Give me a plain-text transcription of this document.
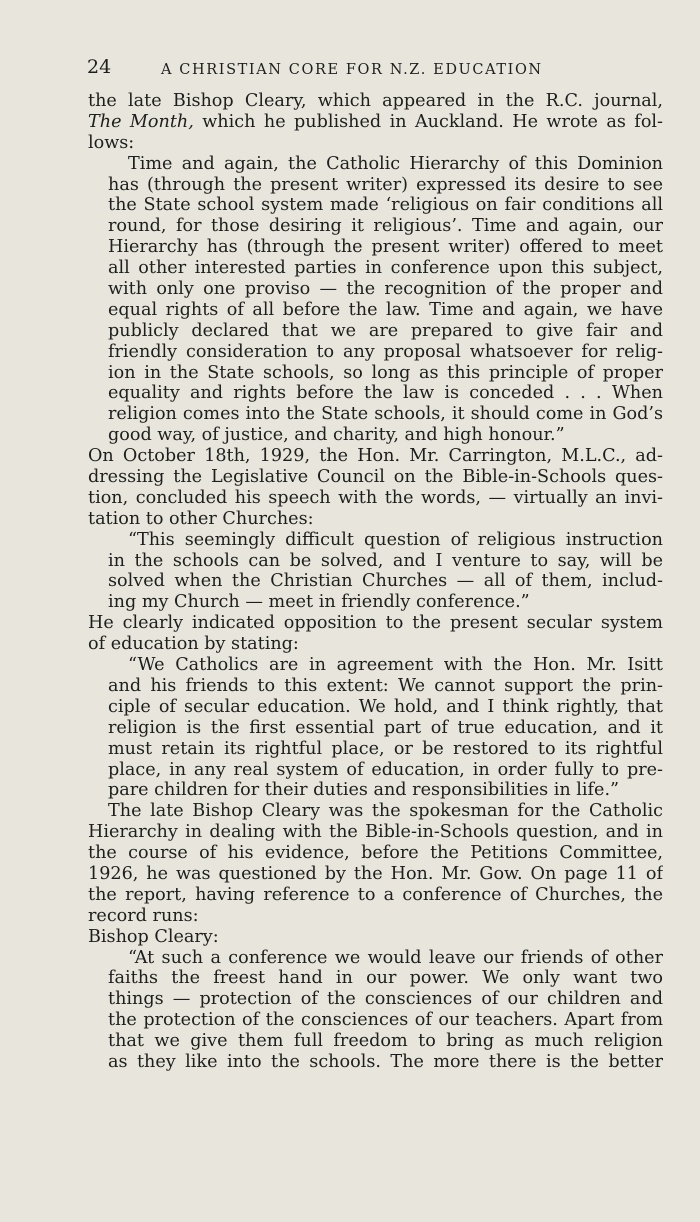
24	A CHRISTIAN CORE FOR N.Z. EDUCATION
the late Bishop Cleary, which appeared in the R.C. journal,
The Month, which he published in Auckland. He wrote as fol-
lows:
Time and again, the Catholic Hierarchy of this Dominion
has (through the present writer) expressed its desire to see
the State school system made ‘religious on fair conditions all
round, for those desiring it religious’. Time and again, our
Hierarchy has (through the present writer) offered to meet
all other interested parties in conference upon this subject,
with only one proviso — the recognition of the proper and
equal rights of all before the law. Time and again, we have
publicly declared that we are prepared to give fair and
friendly consideration to any proposal whatsoever for relig-
ion in the State schools, so long as this principle of proper
equality and rights before the law is conceded . . . When
religion comes into the State schools, it should come in God’s
good way, of justice, and charity, and high honour.”
On October 18th, 1929, the Hon. Mr. Carrington, M.L.C., ad-
dressing the Legislative Council on the Bible-in-Schools ques-
tion, concluded his speech with the words, — virtually an invi-
tation to other Churches:
“This seemingly difficult question of religious instruction
in the schools can be solved, and I venture to say, will be
solved when the Christian Churches — all of them, includ-
ing my Church — meet in friendly conference.”
He clearly indicated opposition to the present secular system
of education by stating:
“We Catholics are in agreement with the Hon. Mr. Isitt
and his friends to this extent: We cannot support the prin-
ciple of secular education. We hold, and I think rightly, that
religion is the first essential part of true education, and it
must retain its rightful place, or be restored to its rightful
place, in any real system of education, in order fully to pre-
pare children for their duties and responsibilities in life.”
The late Bishop Cleary was the spokesman for the Catholic
Hierarchy in dealing with the Bible-in-Schools question, and in
the course of his evidence, before the Petitions Committee,
1926, he was questioned by the Hon. Mr. Gow. On page 11 of
the report, having reference to a conference of Churches, the
record runs:
Bishop Cleary:
“At such a conference we would leave our friends of other
faiths the freest hand in our power. We only want two
things — protection of the consciences of our children and
the protection of the consciences of our teachers. Apart from
that we give them full freedom to bring as much religion
as they like into the schools. The more there is the better
